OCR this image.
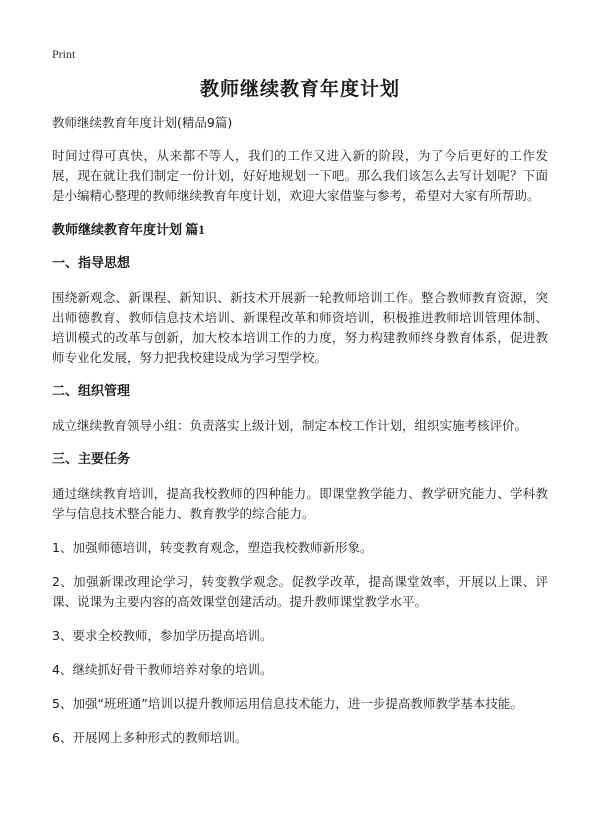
Print
教师继续教育年度计划
教师继续教育年度计划(精品9篇)

时间过得可真快，从来都不等人，我们的工作又进入新的阶段，为了今后更好的工作发展，现在就让我们制定一份计划，好好地规划一下吧。那么我们该怎么去写计划呢？下面是小编精心整理的教师继续教育年度计划，欢迎大家借鉴与参考，希望对大家有所帮助。

教师继续教育年度计划 篇1
一、指导思想

围绕新观念、新课程、新知识、新技术开展新一轮教师培训工作。整合教师教育资源，突出师德教育、教师信息技术培训、新课程改革和师资培训，积极推进教师培训管理体制、培训模式的改革与创新，加大校本培训工作的力度，努力构建教师终身教育体系，促进教师专业化发展，努力把我校建设成为学习型学校。

二、组织管理

成立继续教育领导小组：负责落实上级计划，制定本校工作计划，组织实施考核评价。

三、主要任务

通过继续教育培训，提高我校教师的四种能力。即课堂教学能力、教学研究能力、学科教学与信息技术整合能力、教育教学的综合能力。

1、加强师德培训，转变教育观念，塑造我校教师新形象。

2、加强新课改理论学习，转变教学观念。促教学改革，提高课堂效率，开展以上课、评课、说课为主要内容的高效课堂创建活动。提升教师课堂教学水平。

3、要求全校教师，参加学历提高培训。

4、继续抓好骨干教师培养对象的培训。

5、加强“班班通”培训以提升教师运用信息技术能力，进一步提高教师教学基本技能。

6、开展网上多种形式的教师培训。
